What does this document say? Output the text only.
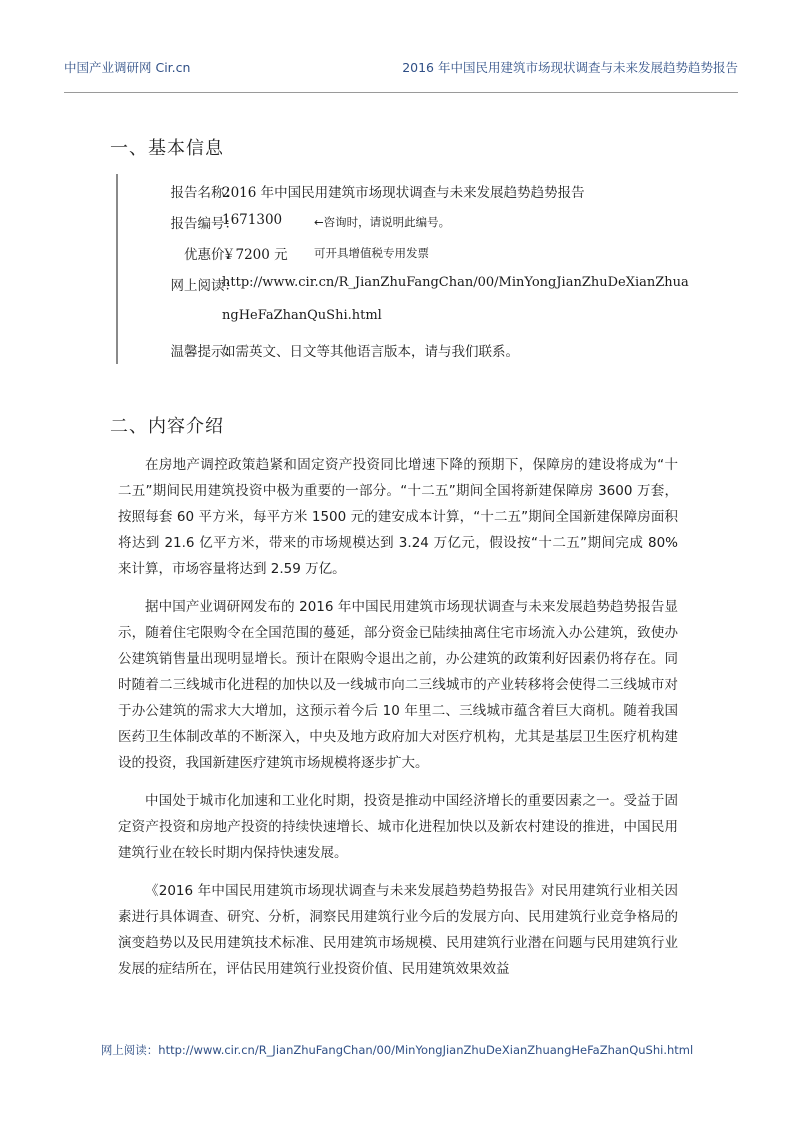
中国产业调研网 Cir.cn	2016 年中国民用建筑市场现状调查与未来发展趋势趋势报告
一、基本信息
报告名称：
2016 年中国民用建筑市场现状调查与未来发展趋势趋势报告
报告编号：
1671300	←咨询时，请说明此编号。
优惠价：
￥7200 元 可开具增值税专用发票
网上阅读：
http://www.cir.cn/R_JianZhuFangChan/00/MinYongJianZhuDeXianZhuangHeFaZhanQuShi.html
温馨提示：
如需英文、日文等其他语言版本，请与我们联系。
二、内容介绍

在房地产调控政策趋紧和固定资产投资同比增速下降的预期下，保障房的建设将成为“十二五”期间民用建筑投资中极为重要的一部分。“十二五”期间全国将新建保障房 3600 万套，按照每套 60 平方米，每平方米 1500 元的建安成本计算，“十二五”期间全国新建保障房面积将达到 21.6 亿平方米，带来的市场规模达到 3.24 万亿元，假设按“十二五”期间完成 80% 来计算，市场容量将达到 2.59 万亿。

据中国产业调研网发布的 2016 年中国民用建筑市场现状调查与未来发展趋势趋势报告显示，随着住宅限购令在全国范围的蔓延，部分资金已陆续抽离住宅市场流入办公建筑，致使办公建筑销售量出现明显增长。预计在限购令退出之前，办公建筑的政策利好因素仍将存在。同时随着二三线城市化进程的加快以及一线城市向二三线城市的产业转移将会使得二三线城市对于办公建筑的需求大大增加，这预示着今后 10 年里二、三线城市蕴含着巨大商机。随着我国医药卫生体制改革的不断深入，中央及地方政府加大对医疗机构，尤其是基层卫生医疗机构建设的投资，我国新建医疗建筑市场规模将逐步扩大。

中国处于城市化加速和工业化时期，投资是推动中国经济增长的重要因素之一。受益于固定资产投资和房地产投资的持续快速增长、城市化进程加快以及新农村建设的推进，中国民用建筑行业在较长时期内保持快速发展。

《2016 年中国民用建筑市场现状调查与未来发展趋势趋势报告》对民用建筑行业相关因素进行具体调查、研究、分析，洞察民用建筑行业今后的发展方向、民用建筑行业竞争格局的演变趋势以及民用建筑技术标准、民用建筑市场规模、民用建筑行业潜在问题与民用建筑行业发展的症结所在，评估民用建筑行业投资价值、民用建筑效果效益

网上阅读：http://www.cir.cn/R_JianZhuFangChan/00/MinYongJianZhuDeXianZhuangHeFaZhanQuShi.html
